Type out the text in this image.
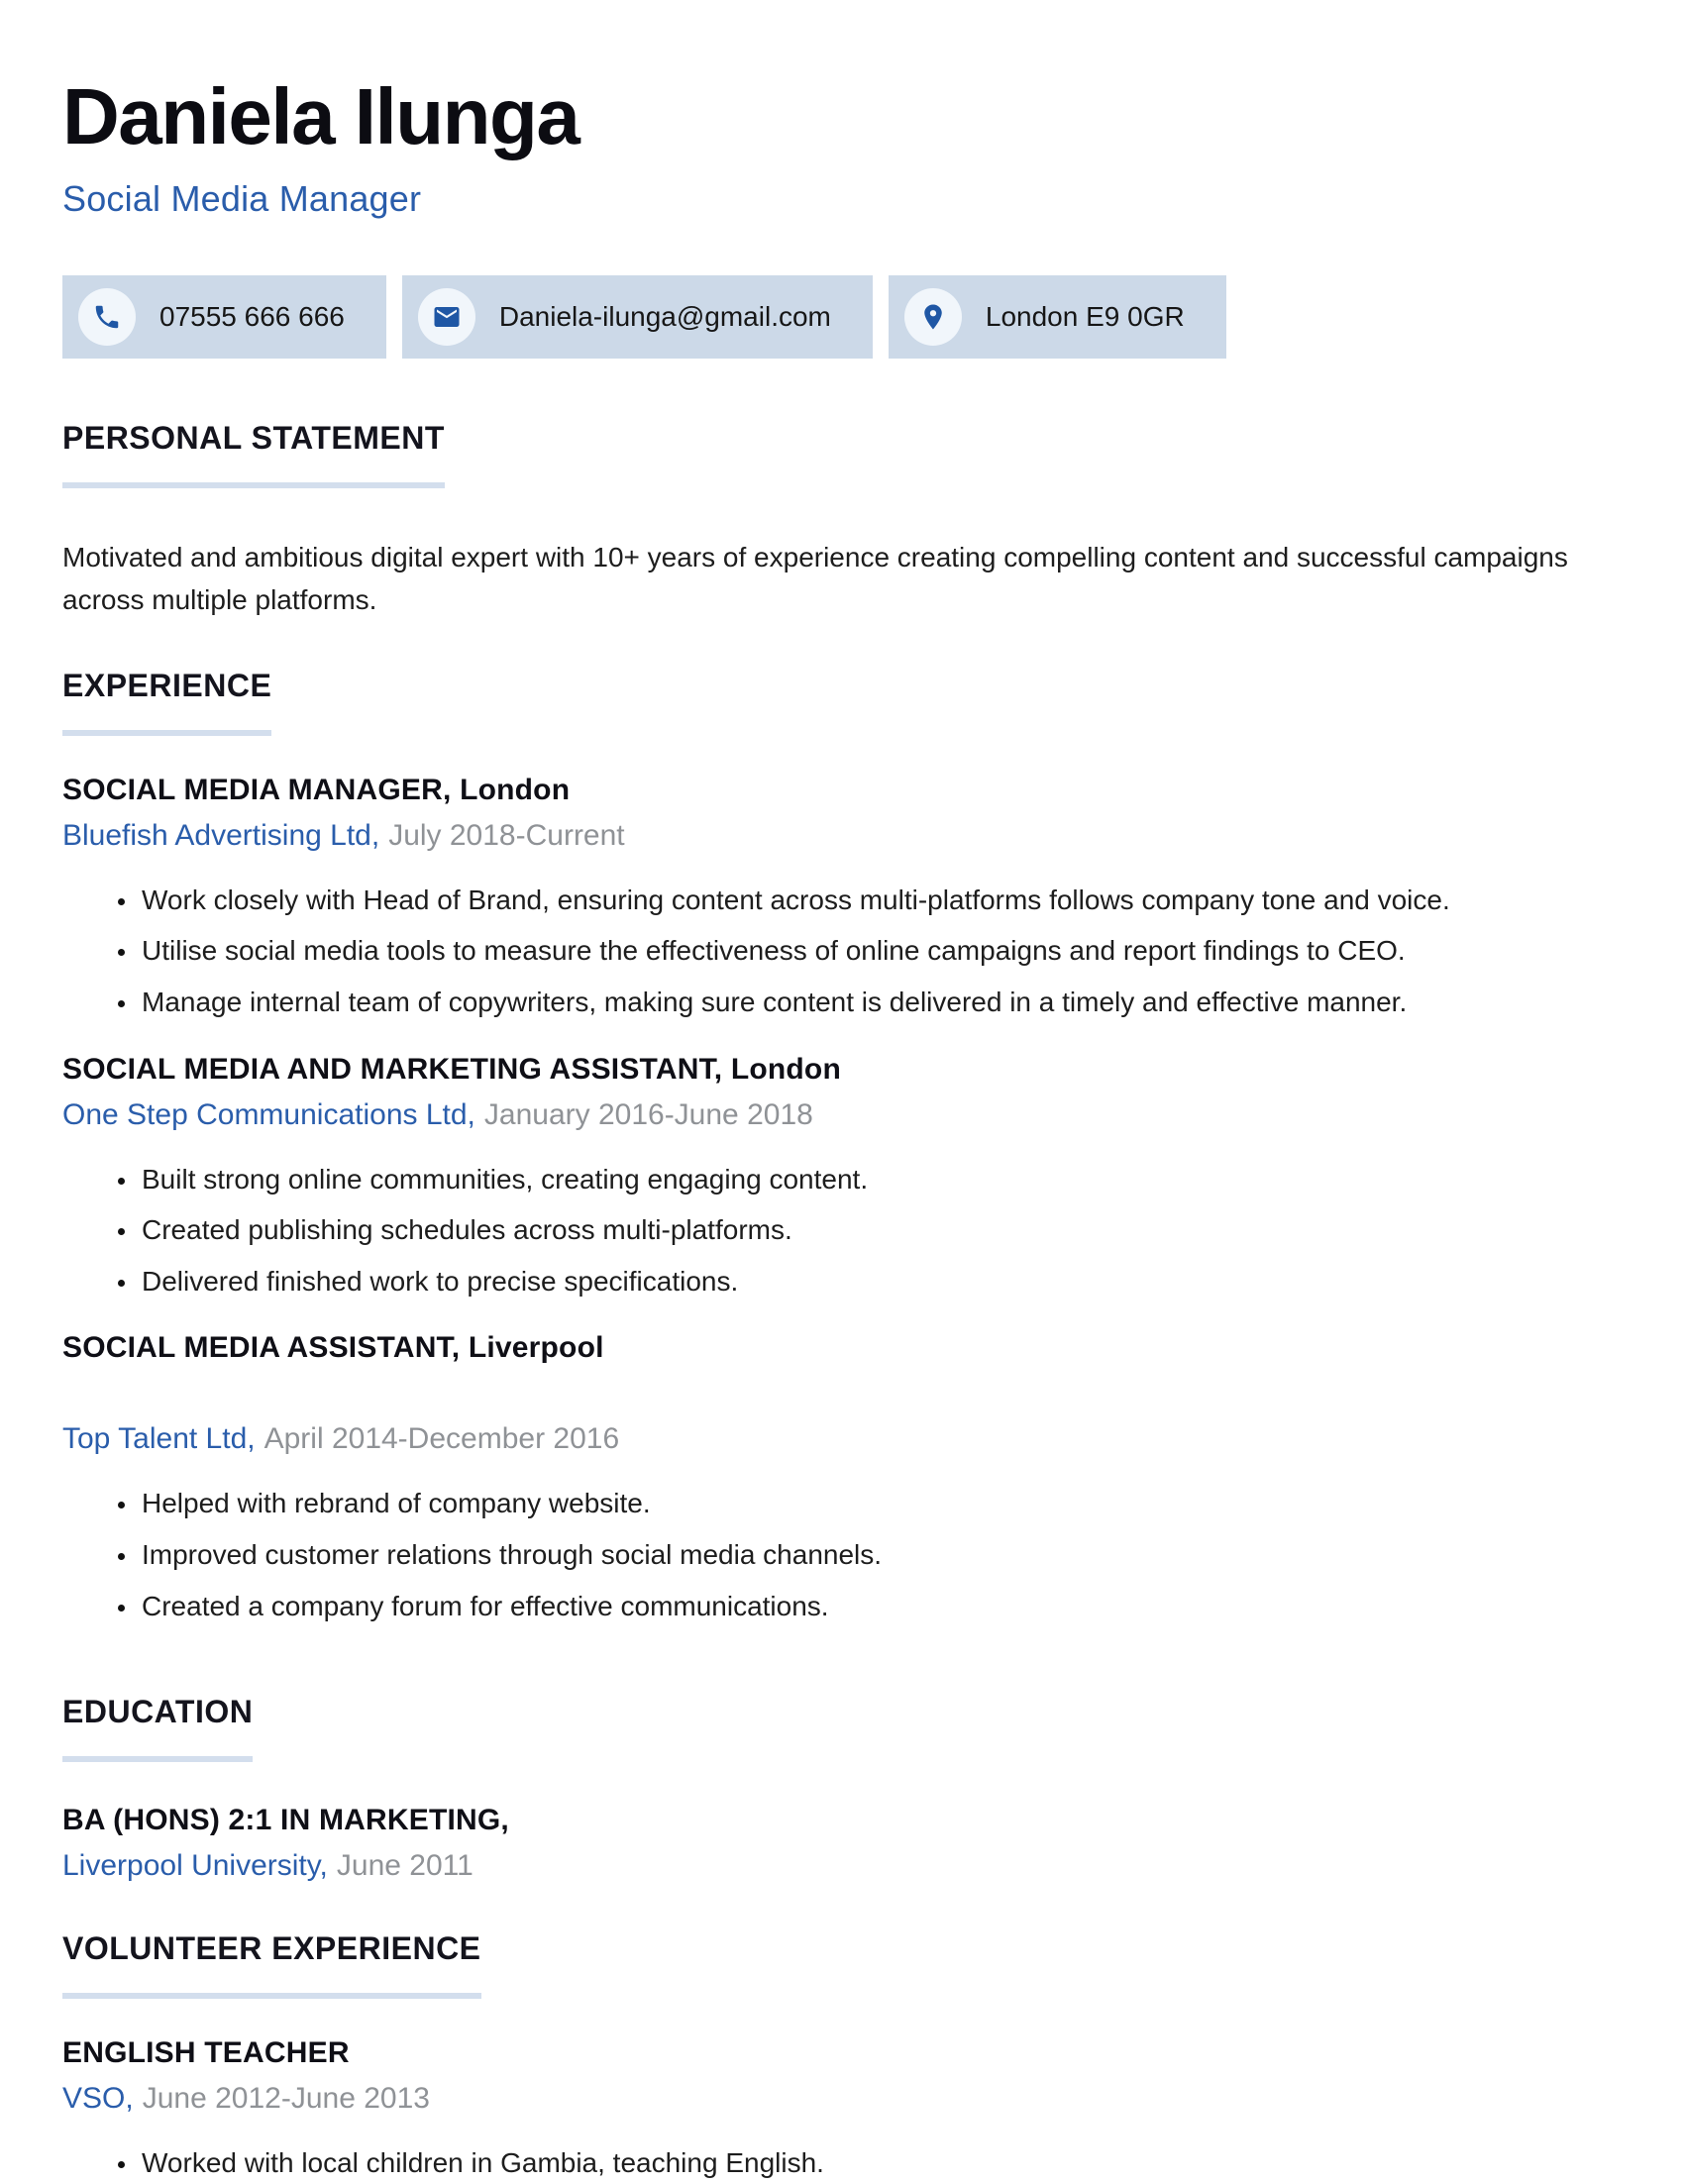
Daniela Ilunga
Social Media Manager
07555 666 666	Daniela-ilunga@gmail.com	London E9 0GR
PERSONAL STATEMENT

Motivated and ambitious digital expert with 10+ years of experience creating compelling content and successful campaigns across multiple platforms.

EXPERIENCE
SOCIAL MEDIA MANAGER, London
Bluefish Advertising Ltd, July 2018-Current
• Work closely with Head of Brand, ensuring content across multi-platforms follows company tone and voice.
• Utilise social media tools to measure the effectiveness of online campaigns and report findings to CEO.
• Manage internal team of copywriters, making sure content is delivered in a timely and effective manner.
SOCIAL MEDIA AND MARKETING ASSISTANT, London
One Step Communications Ltd, January 2016-June 2018
• Built strong online communities, creating engaging content.
• Created publishing schedules across multi-platforms.
• Delivered finished work to precise specifications.
SOCIAL MEDIA ASSISTANT, Liverpool
Top Talent Ltd, April 2014-December 2016
• Helped with rebrand of company website.
• Improved customer relations through social media channels.
• Created a company forum for effective communications.
EDUCATION
BA (HONS) 2:1 IN MARKETING,
Liverpool University, June 2011
VOLUNTEER EXPERIENCE
ENGLISH TEACHER
VSO, June 2012-June 2013
• Worked with local children in Gambia, teaching English.
